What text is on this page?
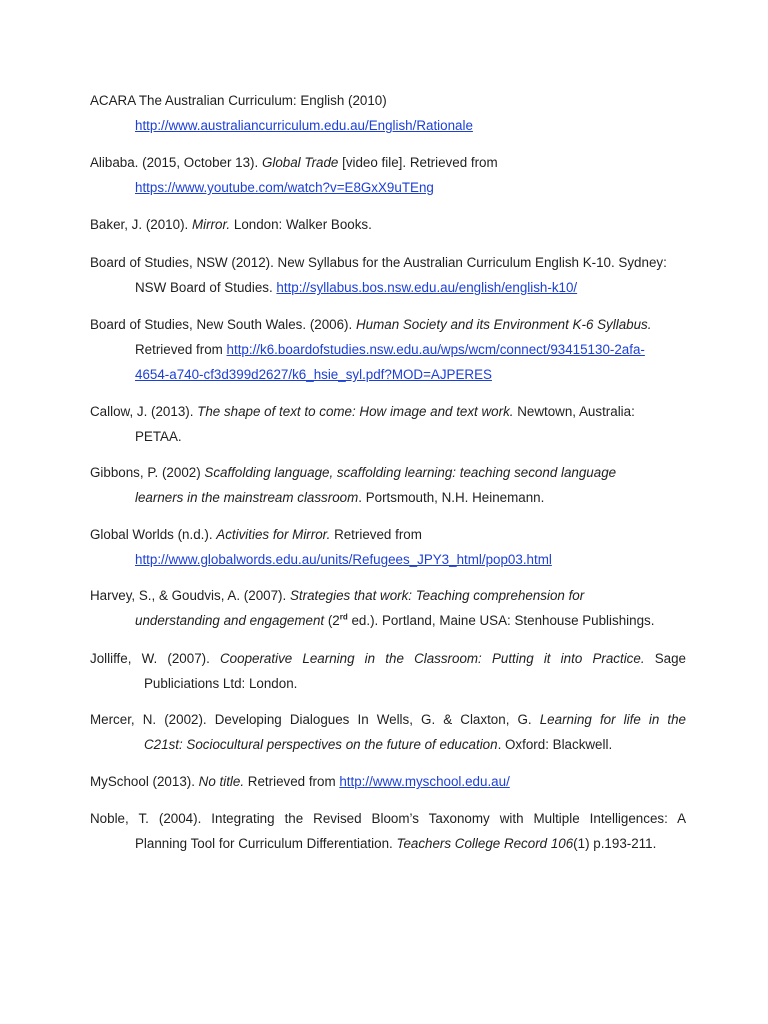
ACARA The Australian Curriculum: English (2010)
http://www.australiancurriculum.edu.au/English/Rationale

Alibaba. (2015, October 13). Global Trade [video file]. Retrieved from
https://www.youtube.com/watch?v=E8GxX9uTEng

Baker, J. (2010). Mirror. London: Walker Books.

Board of Studies, NSW (2012). New Syllabus for the Australian Curriculum English K-10. Sydney:
NSW Board of Studies. http://syllabus.bos.nsw.edu.au/english/english-k10/

Board of Studies, New South Wales. (2006). Human Society and its Environment K-6 Syllabus.
Retrieved from http://k6.boardofstudies.nsw.edu.au/wps/wcm/connect/93415130-2afa-
4654-a740-cf3d399d2627/k6_hsie_syl.pdf?MOD=AJPERES

Callow, J. (2013). The shape of text to come: How image and text work. Newtown, Australia:
PETAA.

Gibbons, P. (2002) Scaffolding language, scaffolding learning: teaching second language
learners in the mainstream classroom. Portsmouth, N.H. Heinemann.

Global Worlds (n.d.). Activities for Mirror. Retrieved from
http://www.globalwords.edu.au/units/Refugees_JPY3_html/pop03.html

Harvey, S., & Goudvis, A. (2007). Strategies that work: Teaching comprehension for
understanding and engagement (2rd ed.). Portland, Maine USA: Stenhouse Publishings.

Jolliffe, W. (2007). Cooperative Learning in the Classroom: Putting it into Practice. Sage
Publiciations Ltd: London.

Mercer, N. (2002). Developing Dialogues In Wells, G. & Claxton, G. Learning for life in the
C21st: Sociocultural perspectives on the future of education. Oxford: Blackwell.

MySchool (2013). No title. Retrieved from http://www.myschool.edu.au/

Noble, T. (2004). Integrating the Revised Bloom’s Taxonomy with Multiple Intelligences: A
Planning Tool for Curriculum Differentiation. Teachers College Record 106(1) p.193-211.
